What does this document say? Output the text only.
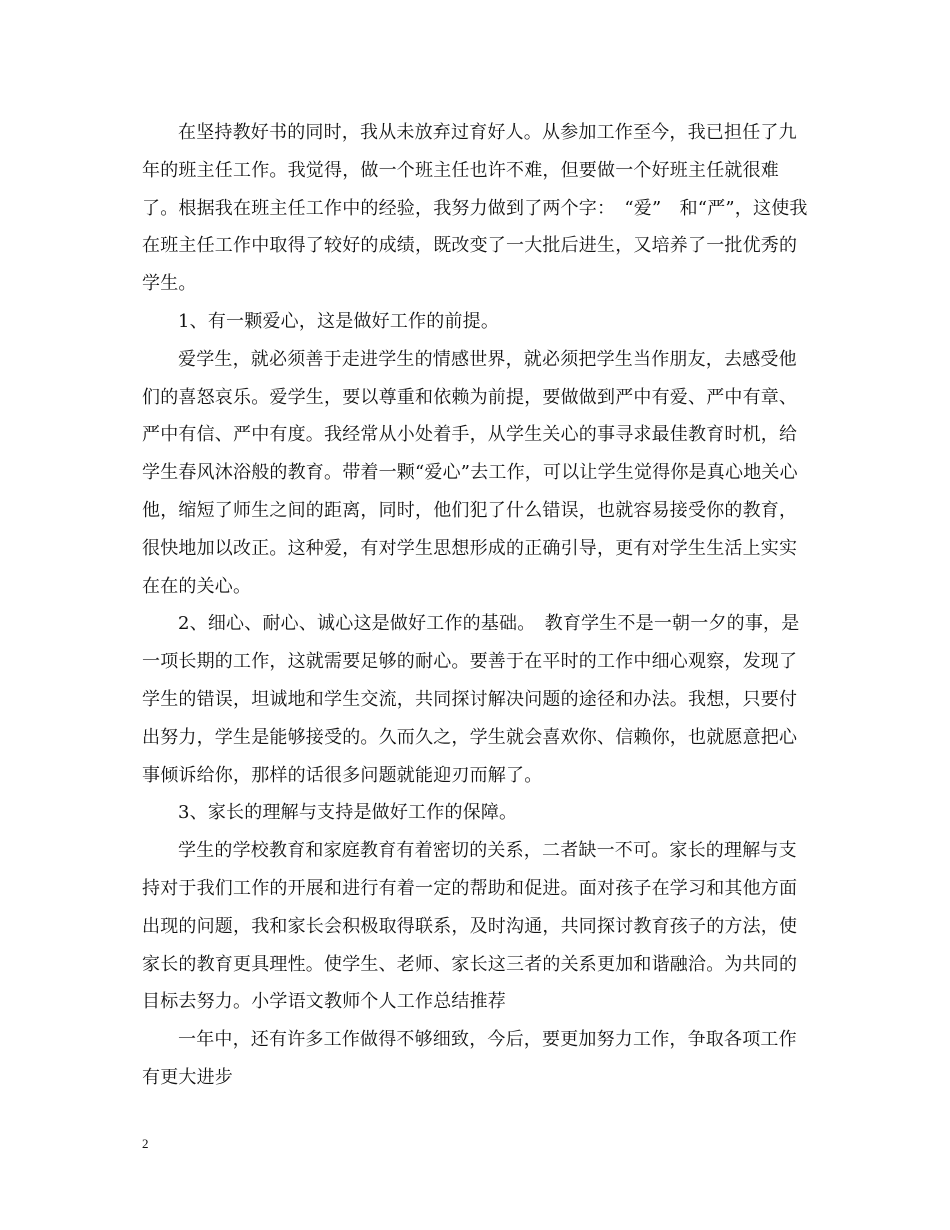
在坚持教好书的同时，我从未放弃过育好人。从参加工作至今，我已担任了九年的班主任工作。我觉得，做一个班主任也许不难，但要做一个好班主任就很难了。根据我在班主任工作中的经验，我努力做到了两个字：　“爱”　和“严”，这使我在班主任工作中取得了较好的成绩，既改变了一大批后进生，又培养了一批优秀的学生。

1、有一颗爱心，这是做好工作的前提。

爱学生，就必须善于走进学生的情感世界，就必须把学生当作朋友，去感受他们的喜怒哀乐。爱学生，要以尊重和依赖为前提，要做做到严中有爱、严中有章、严中有信、严中有度。我经常从小处着手，从学生关心的事寻求最佳教育时机，给学生春风沐浴般的教育。带着一颗“爱心”去工作，可以让学生觉得你是真心地关心他，缩短了师生之间的距离，同时，他们犯了什么错误，也就容易接受你的教育，很快地加以改正。这种爱，有对学生思想形成的正确引导，更有对学生生活上实实在在的关心。

2、细心、耐心、诚心这是做好工作的基础。　教育学生不是一朝一夕的事，是一项长期的工作，这就需要足够的耐心。要善于在平时的工作中细心观察，发现了学生的错误，坦诚地和学生交流，共同探讨解决问题的途径和办法。我想，只要付出努力，学生是能够接受的。久而久之，学生就会喜欢你、信赖你，也就愿意把心事倾诉给你，那样的话很多问题就能迎刃而解了。

3、家长的理解与支持是做好工作的保障。

学生的学校教育和家庭教育有着密切的关系，二者缺一不可。家长的理解与支持对于我们工作的开展和进行有着一定的帮助和促进。面对孩子在学习和其他方面出现的问题，我和家长会积极取得联系，及时沟通，共同探讨教育孩子的方法，使家长的教育更具理性。使学生、老师、家长这三者的关系更加和谐融洽。为共同的目标去努力。小学语文教师个人工作总结推荐

一年中，还有许多工作做得不够细致，今后，要更加努力工作，争取各项工作有更大进步

2
